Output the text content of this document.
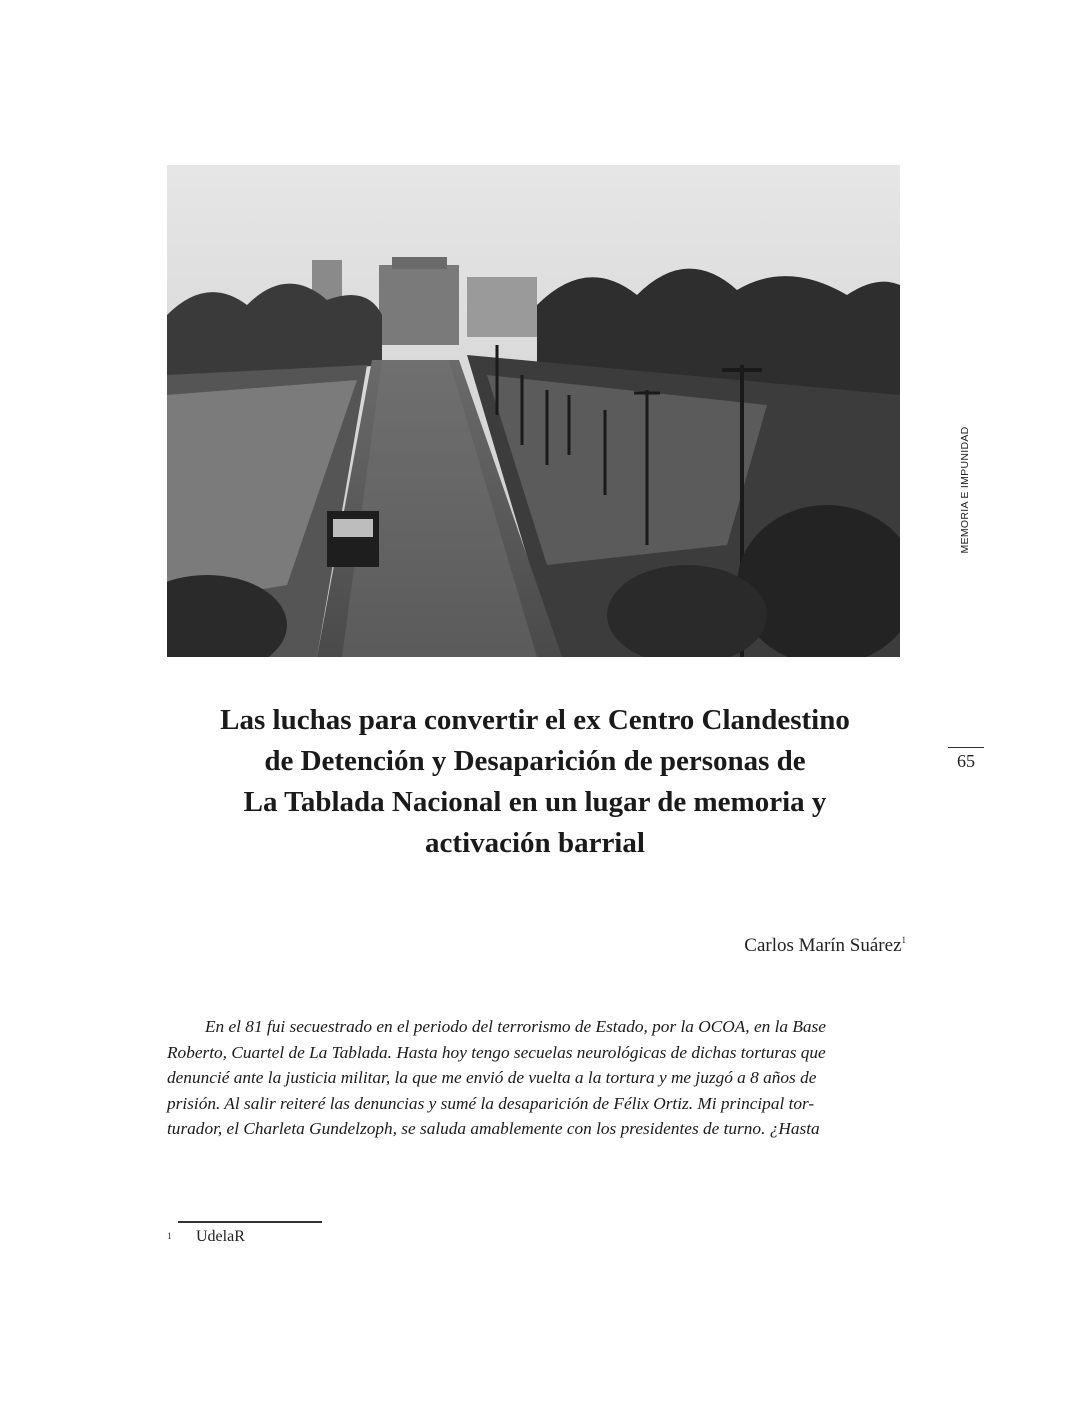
MEMORIA E IMPUNIDAD
65
Las luchas para convertir el ex Centro Clandestino
de Detención y Desaparición de personas de
La Tablada Nacional en un lugar de memoria y
activación barrial
Carlos Marín Suárez$^1$

En el 81 fui secuestrado en el periodo del terrorismo de Estado, por la OCOA, en la Base
Roberto, Cuartel de La Tablada. Hasta hoy tengo secuelas neurológicas de dichas torturas que
denuncié ante la justicia militar, la que me envió de vuelta a la tortura y me juzgó a 8 años de
prisión. Al salir reiteré las denuncias y sumé la desaparición de Félix Ortiz. Mi principal tor-
turador, el Charleta Gundelzoph, se saluda amablemente con los presidentes de turno. ¿Hasta

1 UdelaR
